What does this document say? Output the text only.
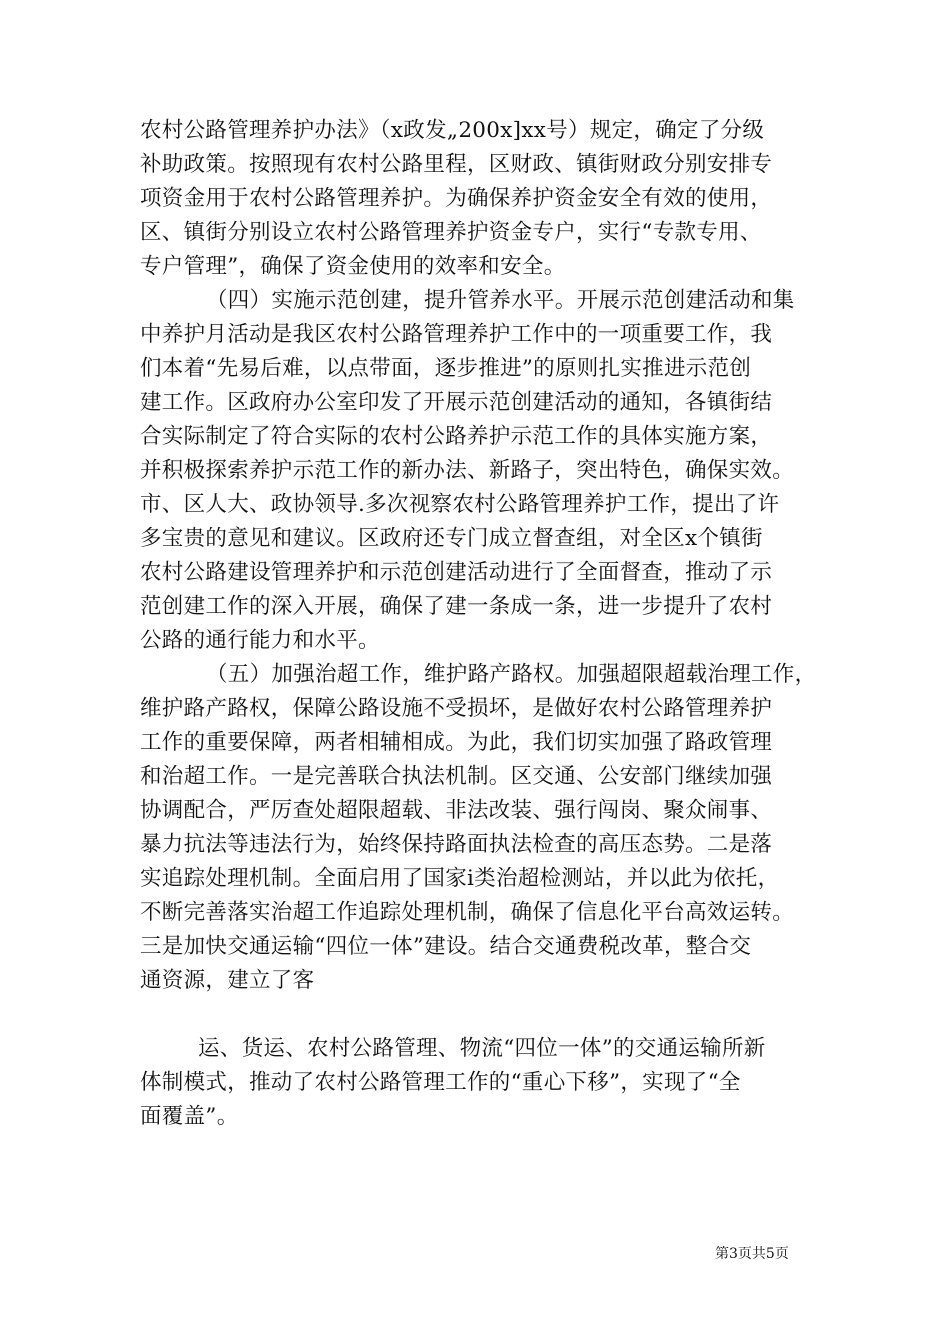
农村公路管理养护办法》（x政发„200x]xx号）规定，确定了分级
补助政策。按照现有农村公路里程，区财政、镇街财政分别安排专
项资金用于农村公路管理养护。为确保养护资金安全有效的使用，
区、镇街分别设立农村公路管理养护资金专户，实行“专款专用、
专户管理”，确保了资金使用的效率和安全。
（四）实施示范创建，提升管养水平。开展示范创建活动和集
中养护月活动是我区农村公路管理养护工作中的一项重要工作，我
们本着“先易后难，以点带面，逐步推进”的原则扎实推进示范创
建工作。区政府办公室印发了开展示范创建活动的通知，各镇街结
合实际制定了符合实际的农村公路养护示范工作的具体实施方案，
并积极探索养护示范工作的新办法、新路子，突出特色，确保实效。
市、区人大、政协领导.多次视察农村公路管理养护工作，提出了许
多宝贵的意见和建议。区政府还专门成立督查组，对全区x个镇街
农村公路建设管理养护和示范创建活动进行了全面督查，推动了示
范创建工作的深入开展，确保了建一条成一条，进一步提升了农村
公路的通行能力和水平。
（五）加强治超工作，维护路产路权。加强超限超载治理工作，
维护路产路权，保障公路设施不受损坏，是做好农村公路管理养护
工作的重要保障，两者相辅相成。为此，我们切实加强了路政管理
和治超工作。一是完善联合执法机制。区交通、公安部门继续加强
协调配合，严厉查处超限超载、非法改装、强行闯岗、聚众闹事、
暴力抗法等违法行为，始终保持路面执法检查的高压态势。二是落
实追踪处理机制。全面启用了国家i类治超检测站，并以此为依托，
不断完善落实治超工作追踪处理机制，确保了信息化平台高效运转。
三是加快交通运输“四位一体”建设。结合交通费税改革，整合交
通资源，建立了客
运、货运、农村公路管理、物流“四位一体”的交通运输所新
体制模式，推动了农村公路管理工作的“重心下移”，实现了“全
面覆盖”。
第3页共5页
